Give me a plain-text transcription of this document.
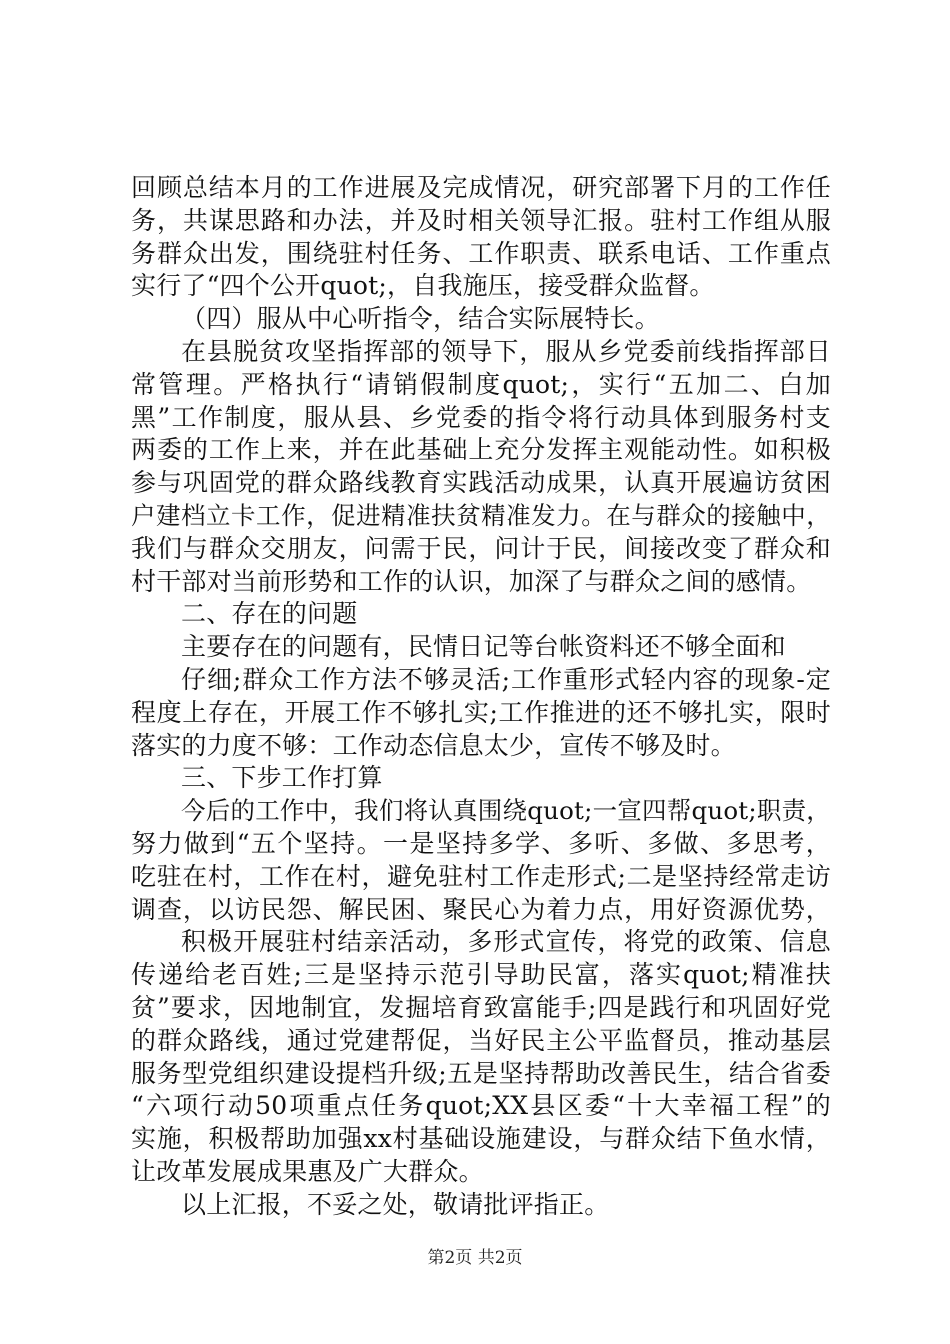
回顾总结本月的工作进展及完成情况，研究部署下月的工作任
务，共谋思路和办法，并及时相关领导汇报。驻村工作组从服
务群众出发，围绕驻村任务、工作职责、联系电话、工作重点
实行了“四个公开quot;，自我施压，接受群众监督。
（四）服从中心听指令，结合实际展特长。
在县脱贫攻坚指挥部的领导下，服从乡党委前线指挥部日
常管理。严格执行“请销假制度quot;，实行“五加二、白加
黑”工作制度，服从县、乡党委的指令将行动具体到服务村支
两委的工作上来，并在此基础上充分发挥主观能动性。如积极
参与巩固党的群众路线教育实践活动成果，认真开展遍访贫困
户建档立卡工作，促进精准扶贫精准发力。在与群众的接触中，
我们与群众交朋友，问需于民，问计于民，间接改变了群众和
村干部对当前形势和工作的认识，加深了与群众之间的感情。
二、存在的问题
主要存在的问题有，民情日记等台帐资料还不够全面和
仔细;群众工作方法不够灵活;工作重形式轻内容的现象-定
程度上存在，开展工作不够扎实;工作推进的还不够扎实，限时
落实的力度不够：工作动态信息太少，宣传不够及时。
三、下步工作打算
今后的工作中，我们将认真围绕quot;一宣四帮quot;职责，
努力做到“五个坚持。一是坚持多学、多听、多做、多思考，
吃驻在村，工作在村，避免驻村工作走形式;二是坚持经常走访
调查，以访民怨、解民困、聚民心为着力点，用好资源优势，
积极开展驻村结亲活动，多形式宣传，将党的政策、信息
传递给老百姓;三是坚持示范引导助民富，落实quot;精准扶
贫”要求，因地制宜，发掘培育致富能手;四是践行和巩固好党
的群众路线，通过党建帮促，当好民主公平监督员，推动基层
服务型党组织建设提档升级;五是坚持帮助改善民生，结合省委
“六项行动50项重点任务quot;XX县区委“十大幸福工程”的
实施，积极帮助加强xx村基础设施建设，与群众结下鱼水情，
让改革发展成果惠及广大群众。
以上汇报，不妥之处，敬请批评指正。
第2页 共2页
